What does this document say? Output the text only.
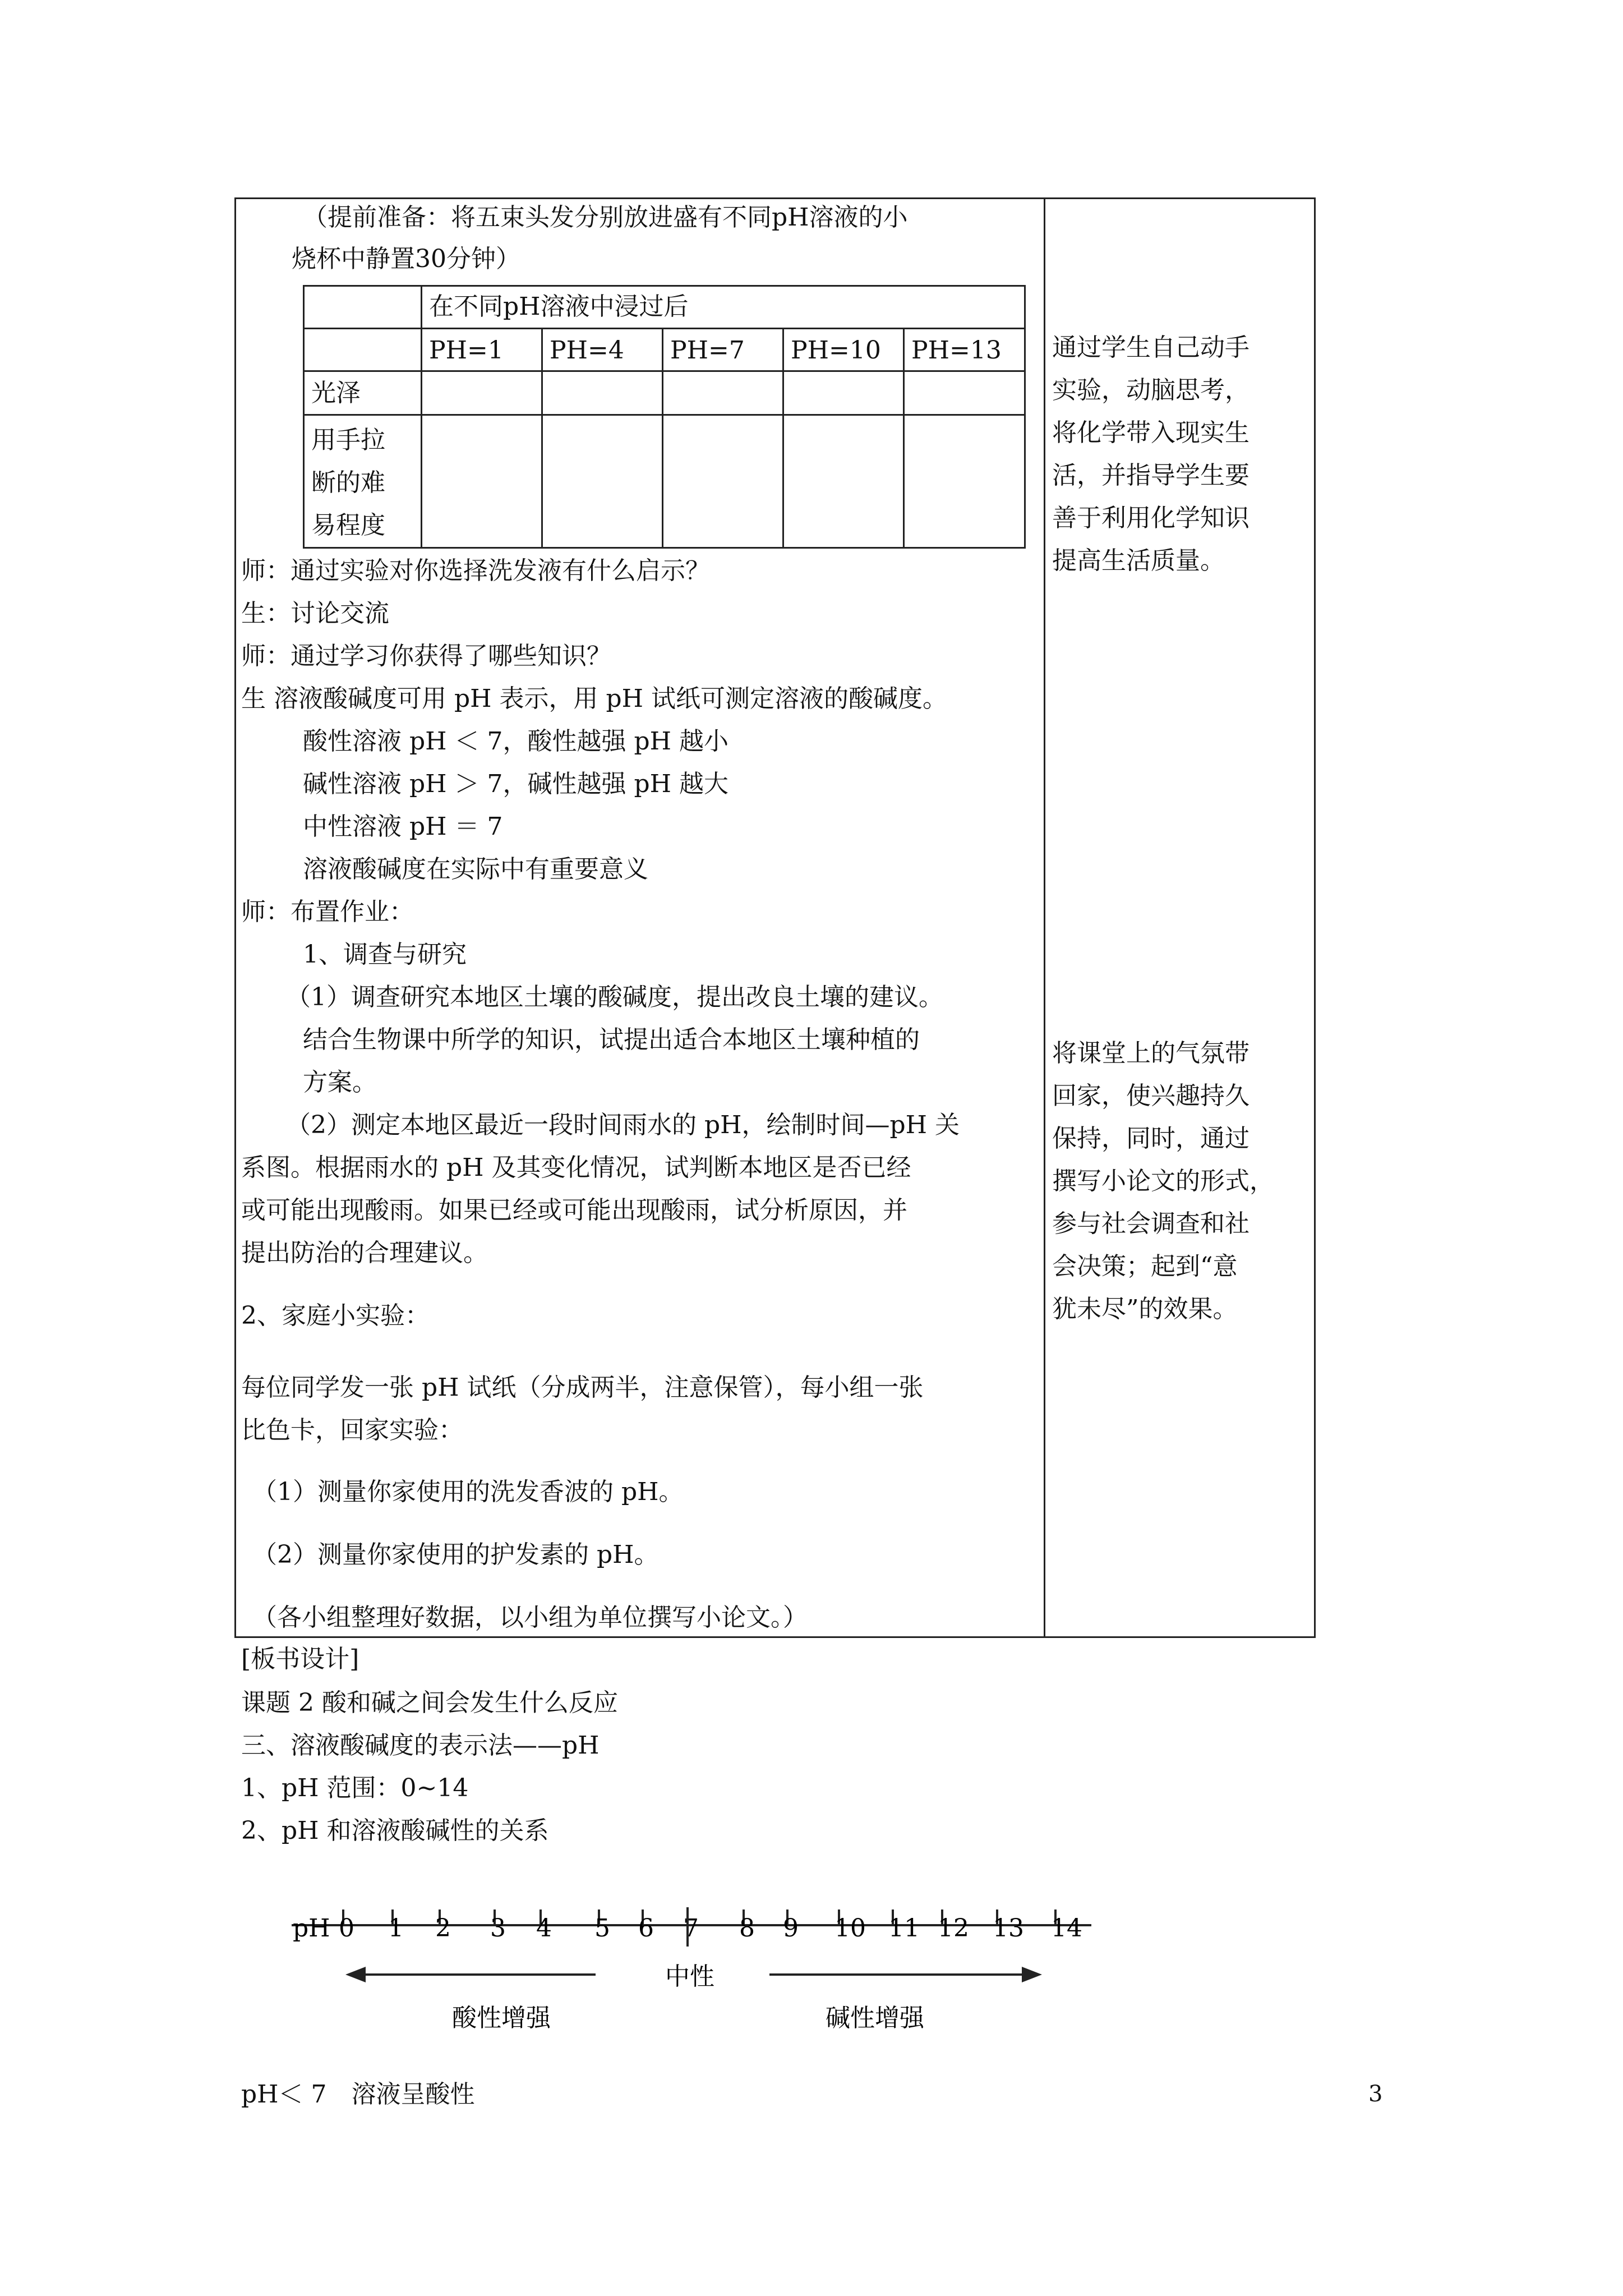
（提前准备：将五束头发分别放进盛有不同pH溶液的小
烧杯中静置30分钟）
	在不同pH溶液中浸过后				
	PH=1	PH=4	PH=7	PH=10	PH=13
光泽					

用手拉
断的难
易程度					

师：通过实验对你选择洗发液有什么启示？
生：讨论交流
师：通过学习你获得了哪些知识？
生 溶液酸碱度可用 pH 表示，用 pH 试纸可测定溶液的酸碱度。
酸性溶液 pH ＜ 7，酸性越强 pH 越小
碱性溶液 pH ＞ 7，碱性越强 pH 越大
中性溶液 pH ＝ 7
溶液酸碱度在实际中有重要意义
师：布置作业：
1、调查与研究
（1）调查研究本地区土壤的酸碱度，提出改良土壤的建议。
结合生物课中所学的知识，试提出适合本地区土壤种植的
方案。
（2）测定本地区最近一段时间雨水的 pH，绘制时间—pH 关
系图。根据雨水的 pH 及其变化情况，试判断本地区是否已经
或可能出现酸雨。如果已经或可能出现酸雨，试分析原因，并
提出防治的合理建议。
2、家庭小实验：
每位同学发一张 pH 试纸（分成两半，注意保管），每小组一张
比色卡，回家实验：
（1）测量你家使用的洗发香波的 pH。
（2）测量你家使用的护发素的 pH。
（各小组整理好数据，以小组为单位撰写小论文。）
通过学生自己动手
实验，动脑思考，
将化学带入现实生
活，并指导学生要
善于利用化学知识
提高生活质量。
将课堂上的气氛带
回家，使兴趣持久
保持，同时，通过
撰写小论文的形式，
参与社会调查和社
会决策；起到“意
犹未尽”的效果。
[板书设计]
课题 2 酸和碱之间会发生什么反应
三、溶液酸碱度的表示法——pH
1、pH 范围：0~14
2、pH 和溶液酸碱性的关系
pH 0 1 2 3 4 5 6 7 8 9 10 11 12 13 14
中性
酸性增强	碱性增强
pH＜ 7　溶液呈酸性	3
